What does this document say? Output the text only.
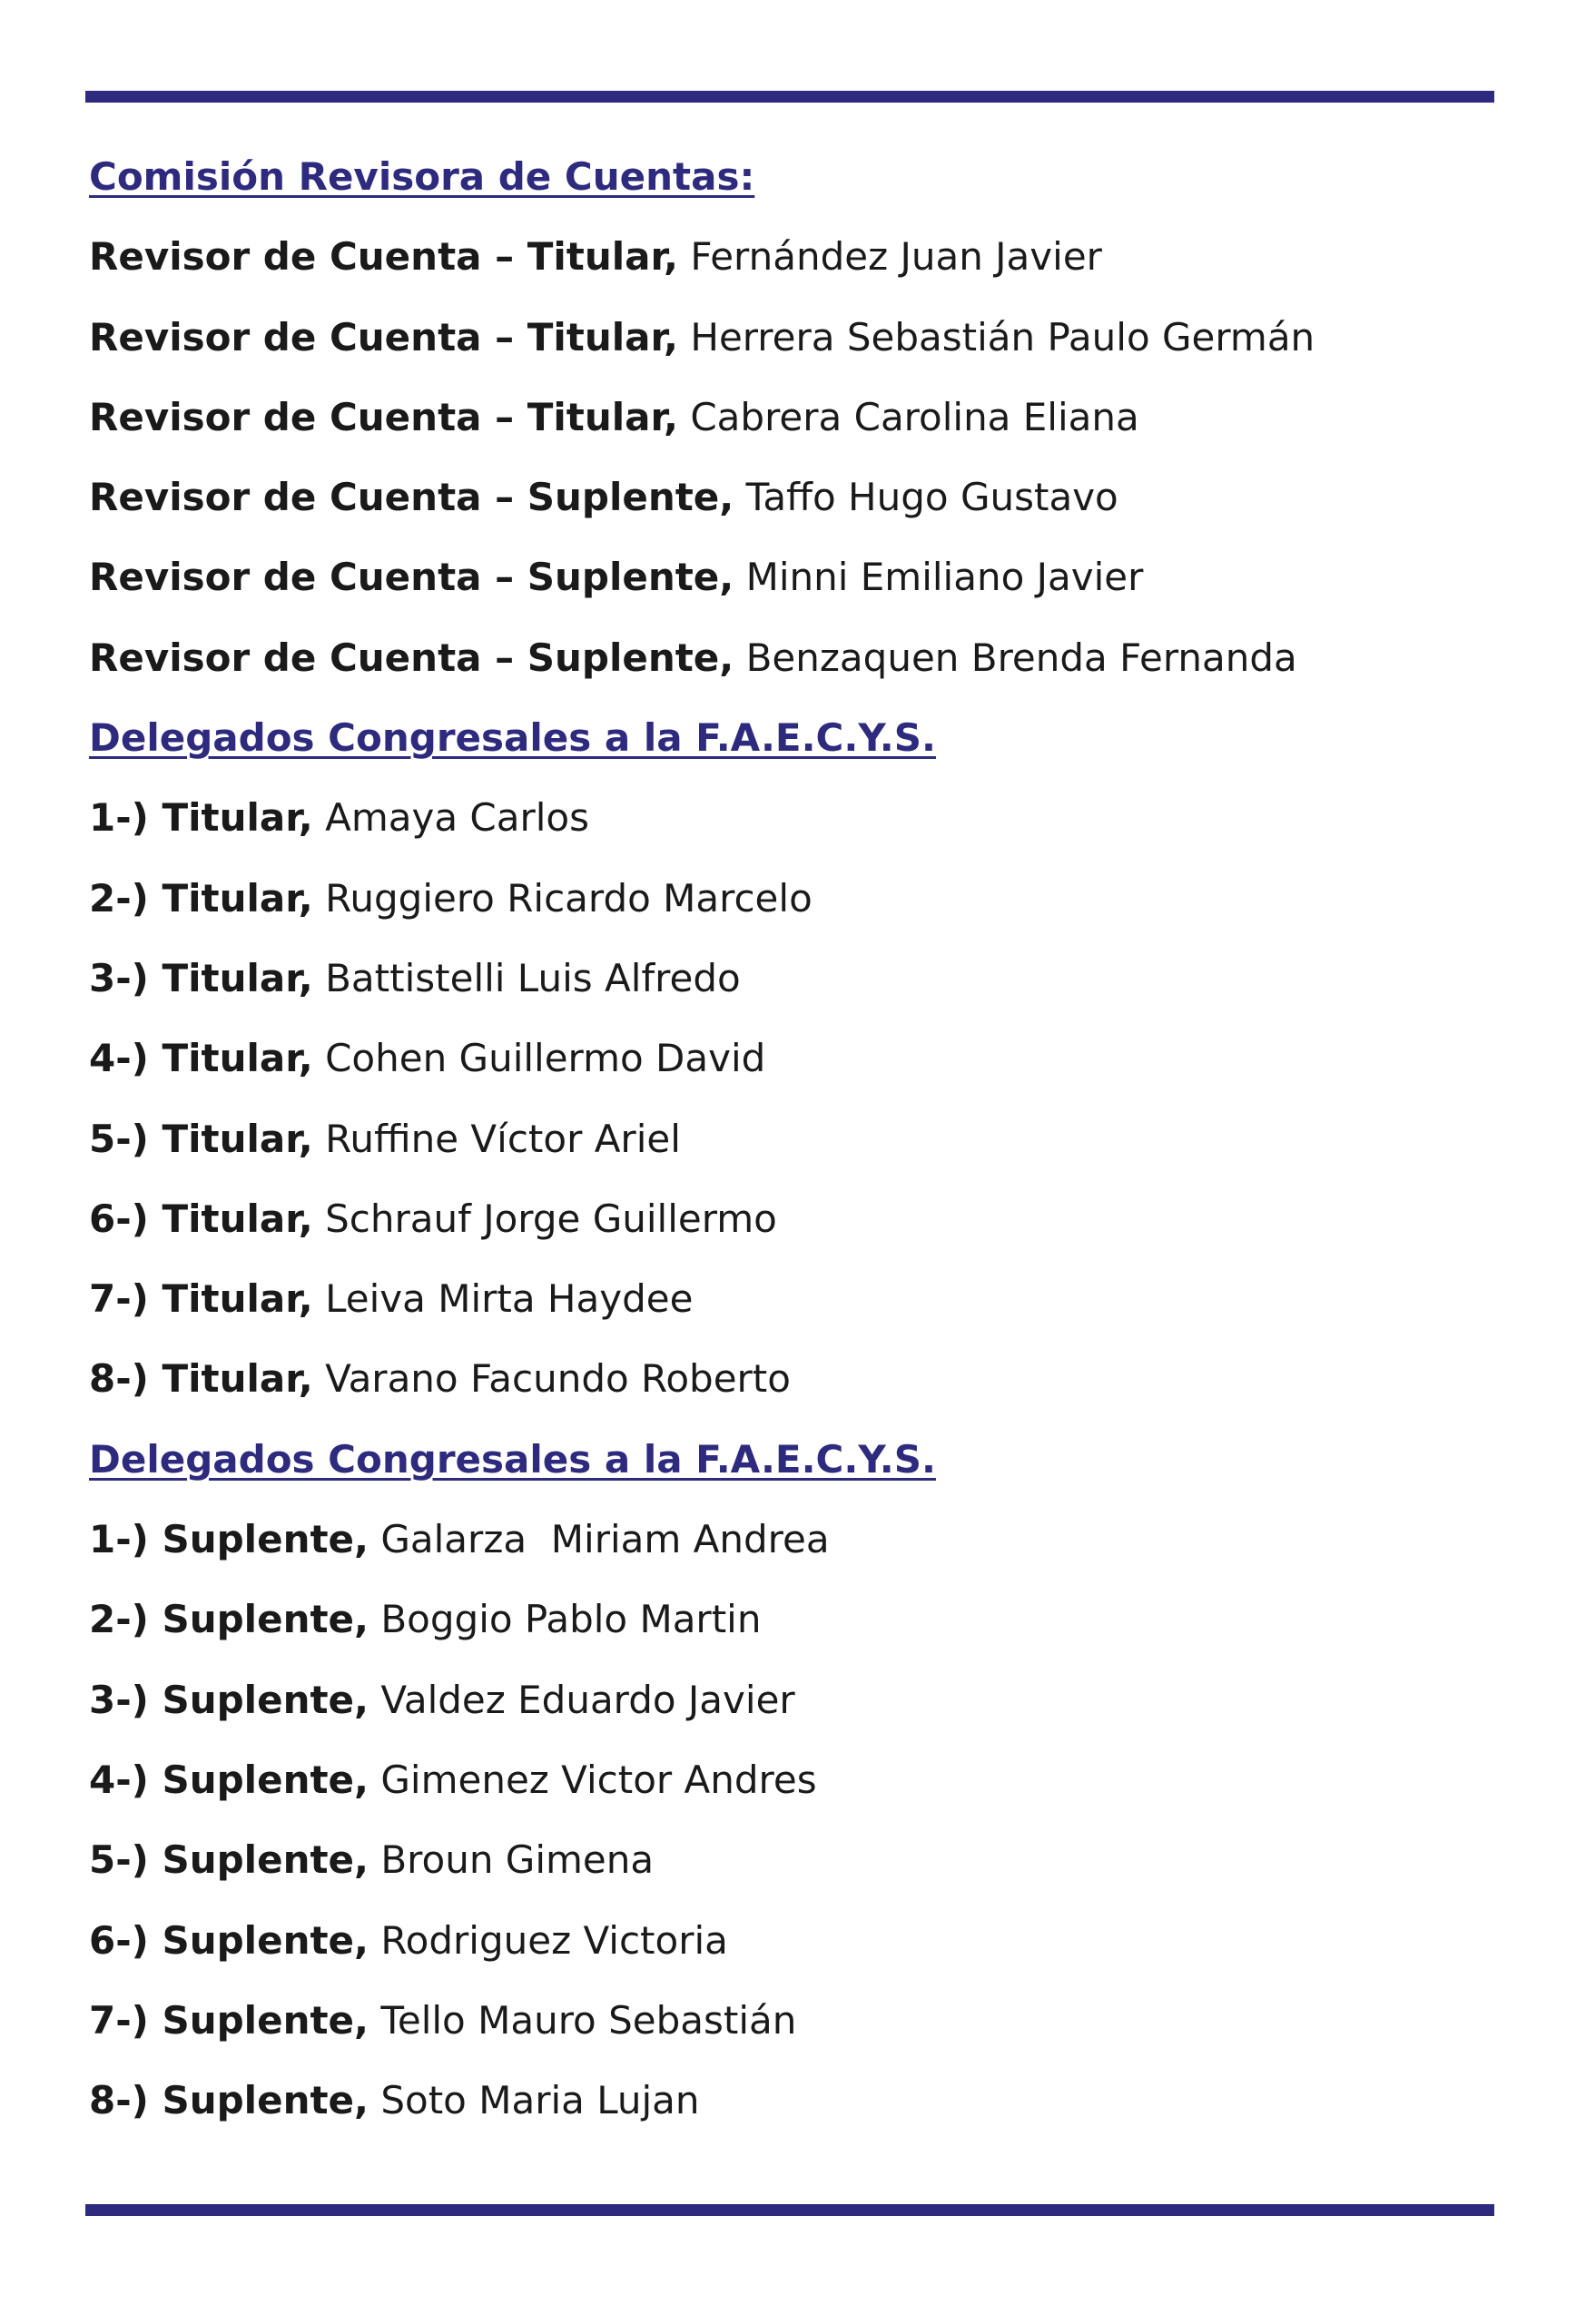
Comisión Revisora de Cuentas:
Revisor de Cuenta – Titular, Fernández Juan Javier
Revisor de Cuenta – Titular, Herrera Sebastián Paulo Germán
Revisor de Cuenta – Titular, Cabrera Carolina Eliana
Revisor de Cuenta – Suplente, Taffo Hugo Gustavo
Revisor de Cuenta – Suplente, Minni Emiliano Javier
Revisor de Cuenta – Suplente, Benzaquen Brenda Fernanda
Delegados Congresales a la F.A.E.C.Y.S.
1-) Titular, Amaya Carlos
2-) Titular, Ruggiero Ricardo Marcelo
3-) Titular, Battistelli Luis Alfredo
4-) Titular, Cohen Guillermo David
5-) Titular, Ruffine Víctor Ariel
6-) Titular, Schrauf Jorge Guillermo
7-) Titular, Leiva Mirta Haydee
8-) Titular, Varano Facundo Roberto
Delegados Congresales a la F.A.E.C.Y.S.
1-) Suplente, Galarza  Miriam Andrea
2-) Suplente, Boggio Pablo Martin
3-) Suplente, Valdez Eduardo Javier
4-) Suplente, Gimenez Victor Andres
5-) Suplente, Broun Gimena
6-) Suplente, Rodriguez Victoria
7-) Suplente, Tello Mauro Sebastián
8-) Suplente, Soto Maria Lujan
